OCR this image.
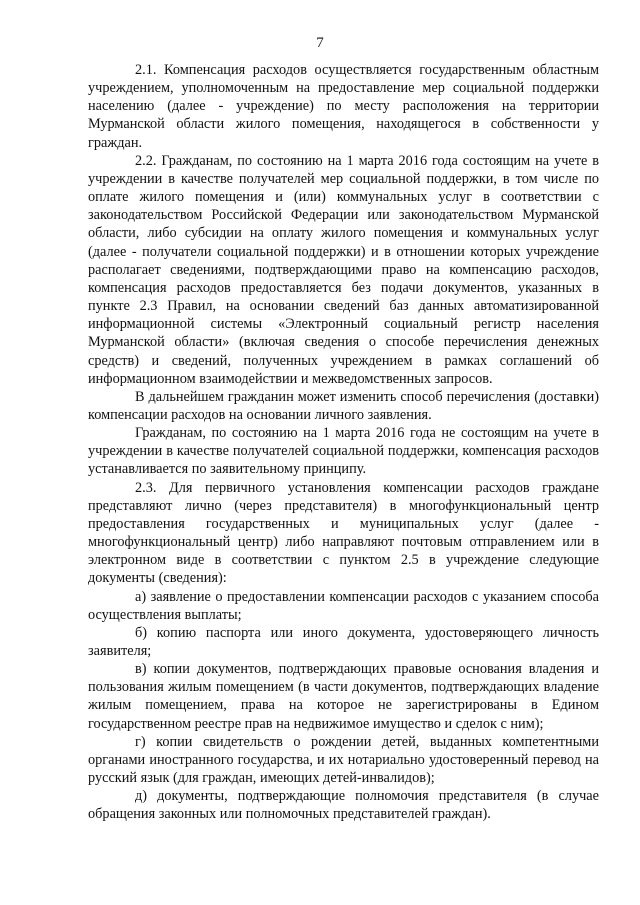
7

2.1. Компенсация расходов осуществляется государственным областным учреждением, уполномоченным на предоставление мер социальной поддержки населению (далее - учреждение) по месту расположения на территории Мурманской области жилого помещения, находящегося в собственности у граждан.

2.2. Гражданам, по состоянию на 1 марта 2016 года состоящим на учете в учреждении в качестве получателей мер социальной поддержки, в том числе по оплате жилого помещения и (или) коммунальных услуг в соответствии с законодательством Российской Федерации или законодательством Мурманской области, либо субсидии на оплату жилого помещения и коммунальных услуг (далее - получатели социальной поддержки) и в отношении которых учреждение располагает сведениями, подтверждающими право на компенсацию расходов, компенсация расходов предоставляется без подачи документов, указанных в пункте 2.3 Правил, на основании сведений баз данных автоматизированной информационной системы «Электронный социальный регистр населения Мурманской области» (включая сведения о способе перечисления денежных средств) и сведений, полученных учреждением в рамках соглашений об информационном взаимодействии и межведомственных запросов.

В дальнейшем гражданин может изменить способ перечисления (доставки) компенсации расходов на основании личного заявления.

Гражданам, по состоянию на 1 марта 2016 года не состоящим на учете в учреждении в качестве получателей социальной поддержки, компенсация расходов устанавливается по заявительному принципу.

2.3. Для первичного установления компенсации расходов граждане представляют лично (через представителя) в многофункциональный центр предоставления государственных и муниципальных услуг (далее - многофункциональный центр) либо направляют почтовым отправлением или в электронном виде в соответствии с пунктом 2.5 в учреждение следующие документы (сведения):

а) заявление о предоставлении компенсации расходов с указанием способа осуществления выплаты;

б) копию паспорта или иного документа, удостоверяющего личность заявителя;

в) копии документов, подтверждающих правовые основания владения и пользования жилым помещением (в части документов, подтверждающих владение жилым помещением, права на которое не зарегистрированы в Едином государственном реестре прав на недвижимое имущество и сделок с ним);

г) копии свидетельств о рождении детей, выданных компетентными органами иностранного государства, и их нотариально удостоверенный перевод на русский язык (для граждан, имеющих детей-инвалидов);

д) документы, подтверждающие полномочия представителя (в случае обращения законных или полномочных представителей граждан).
